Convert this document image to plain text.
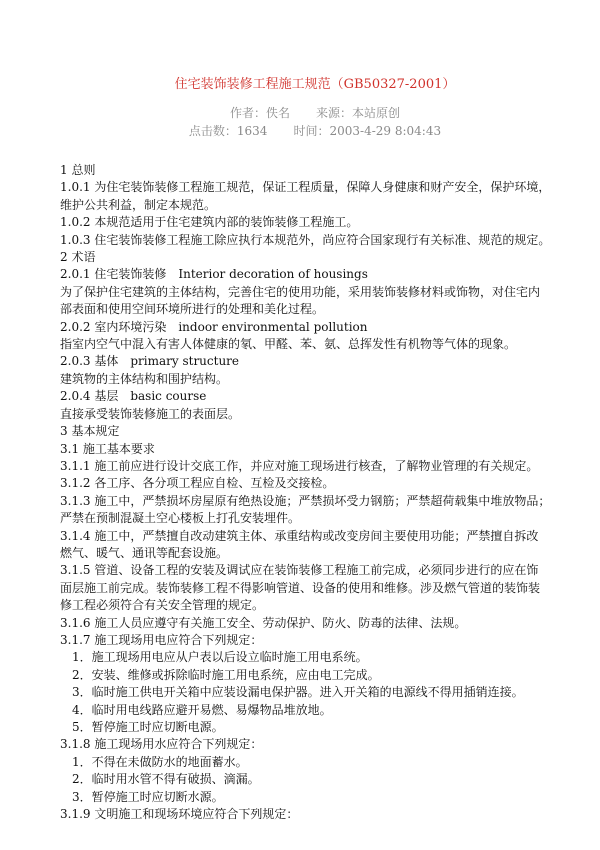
住宅装饰装修工程施工规范（GB50327-2001）

作者：佚名 来源：本站原创

点击数：1634 时间：2003-4-29 8:04:43

1 总则

1.0.1 为住宅装饰装修工程施工规范，保证工程质量，保障人身健康和财产安全，保护环境，

维护公共利益，制定本规范。

1.0.2 本规范适用于住宅建筑内部的装饰装修工程施工。

1.0.3 住宅装饰装修工程施工除应执行本规范外，尚应符合国家现行有关标准、规范的规定。

2 术语

2.0.1 住宅装饰装修　Interior decoration of housings

为了保护住宅建筑的主体结构，完善住宅的使用功能，采用装饰装修材料或饰物，对住宅内

部表面和使用空间环境所进行的处理和美化过程。

2.0.2 室内环境污染　indoor environmental pollution

指室内空气中混入有害人体健康的氡、甲醛、苯、氨、总挥发性有机物等气体的现象。

2.0.3 基体　primary structure

建筑物的主体结构和围护结构。

2.0.4 基层　basic course

直接承受装饰装修施工的表面层。

3 基本规定

3.1 施工基本要求

3.1.1 施工前应进行设计交底工作，并应对施工现场进行核查，了解物业管理的有关规定。

3.1.2 各工序、各分项工程应自检、互检及交接检。

3.1.3 施工中，严禁损坏房屋原有绝热设施；严禁损坏受力钢筋；严禁超荷载集中堆放物品；

严禁在预制混凝土空心楼板上打孔安装埋件。

3.1.4 施工中，严禁擅自改动建筑主体、承重结构或改变房间主要使用功能；严禁擅自拆改

燃气、暖气、通讯等配套设施。

3.1.5 管道、设备工程的安装及调试应在装饰装修工程施工前完成，必须同步进行的应在饰

面层施工前完成。装饰装修工程不得影响管道、设备的使用和维修。涉及燃气管道的装饰装

修工程必须符合有关安全管理的规定。

3.1.6 施工人员应遵守有关施工安全、劳动保护、防火、防毒的法律、法规。

3.1.7 施工现场用电应符合下列规定：

　1．施工现场用电应从户表以后设立临时施工用电系统。

　2．安装、维修或拆除临时施工用电系统，应由电工完成。

　3．临时施工供电开关箱中应装设漏电保护器。进入开关箱的电源线不得用插销连接。

　4．临时用电线路应避开易燃、易爆物品堆放地。

　5．暂停施工时应切断电源。

3.1.8 施工现场用水应符合下列规定：

　1．不得在未做防水的地面蓄水。

　2．临时用水管不得有破损、滴漏。

　3．暂停施工时应切断水源。

3.1.9 文明施工和现场环境应符合下列规定：
